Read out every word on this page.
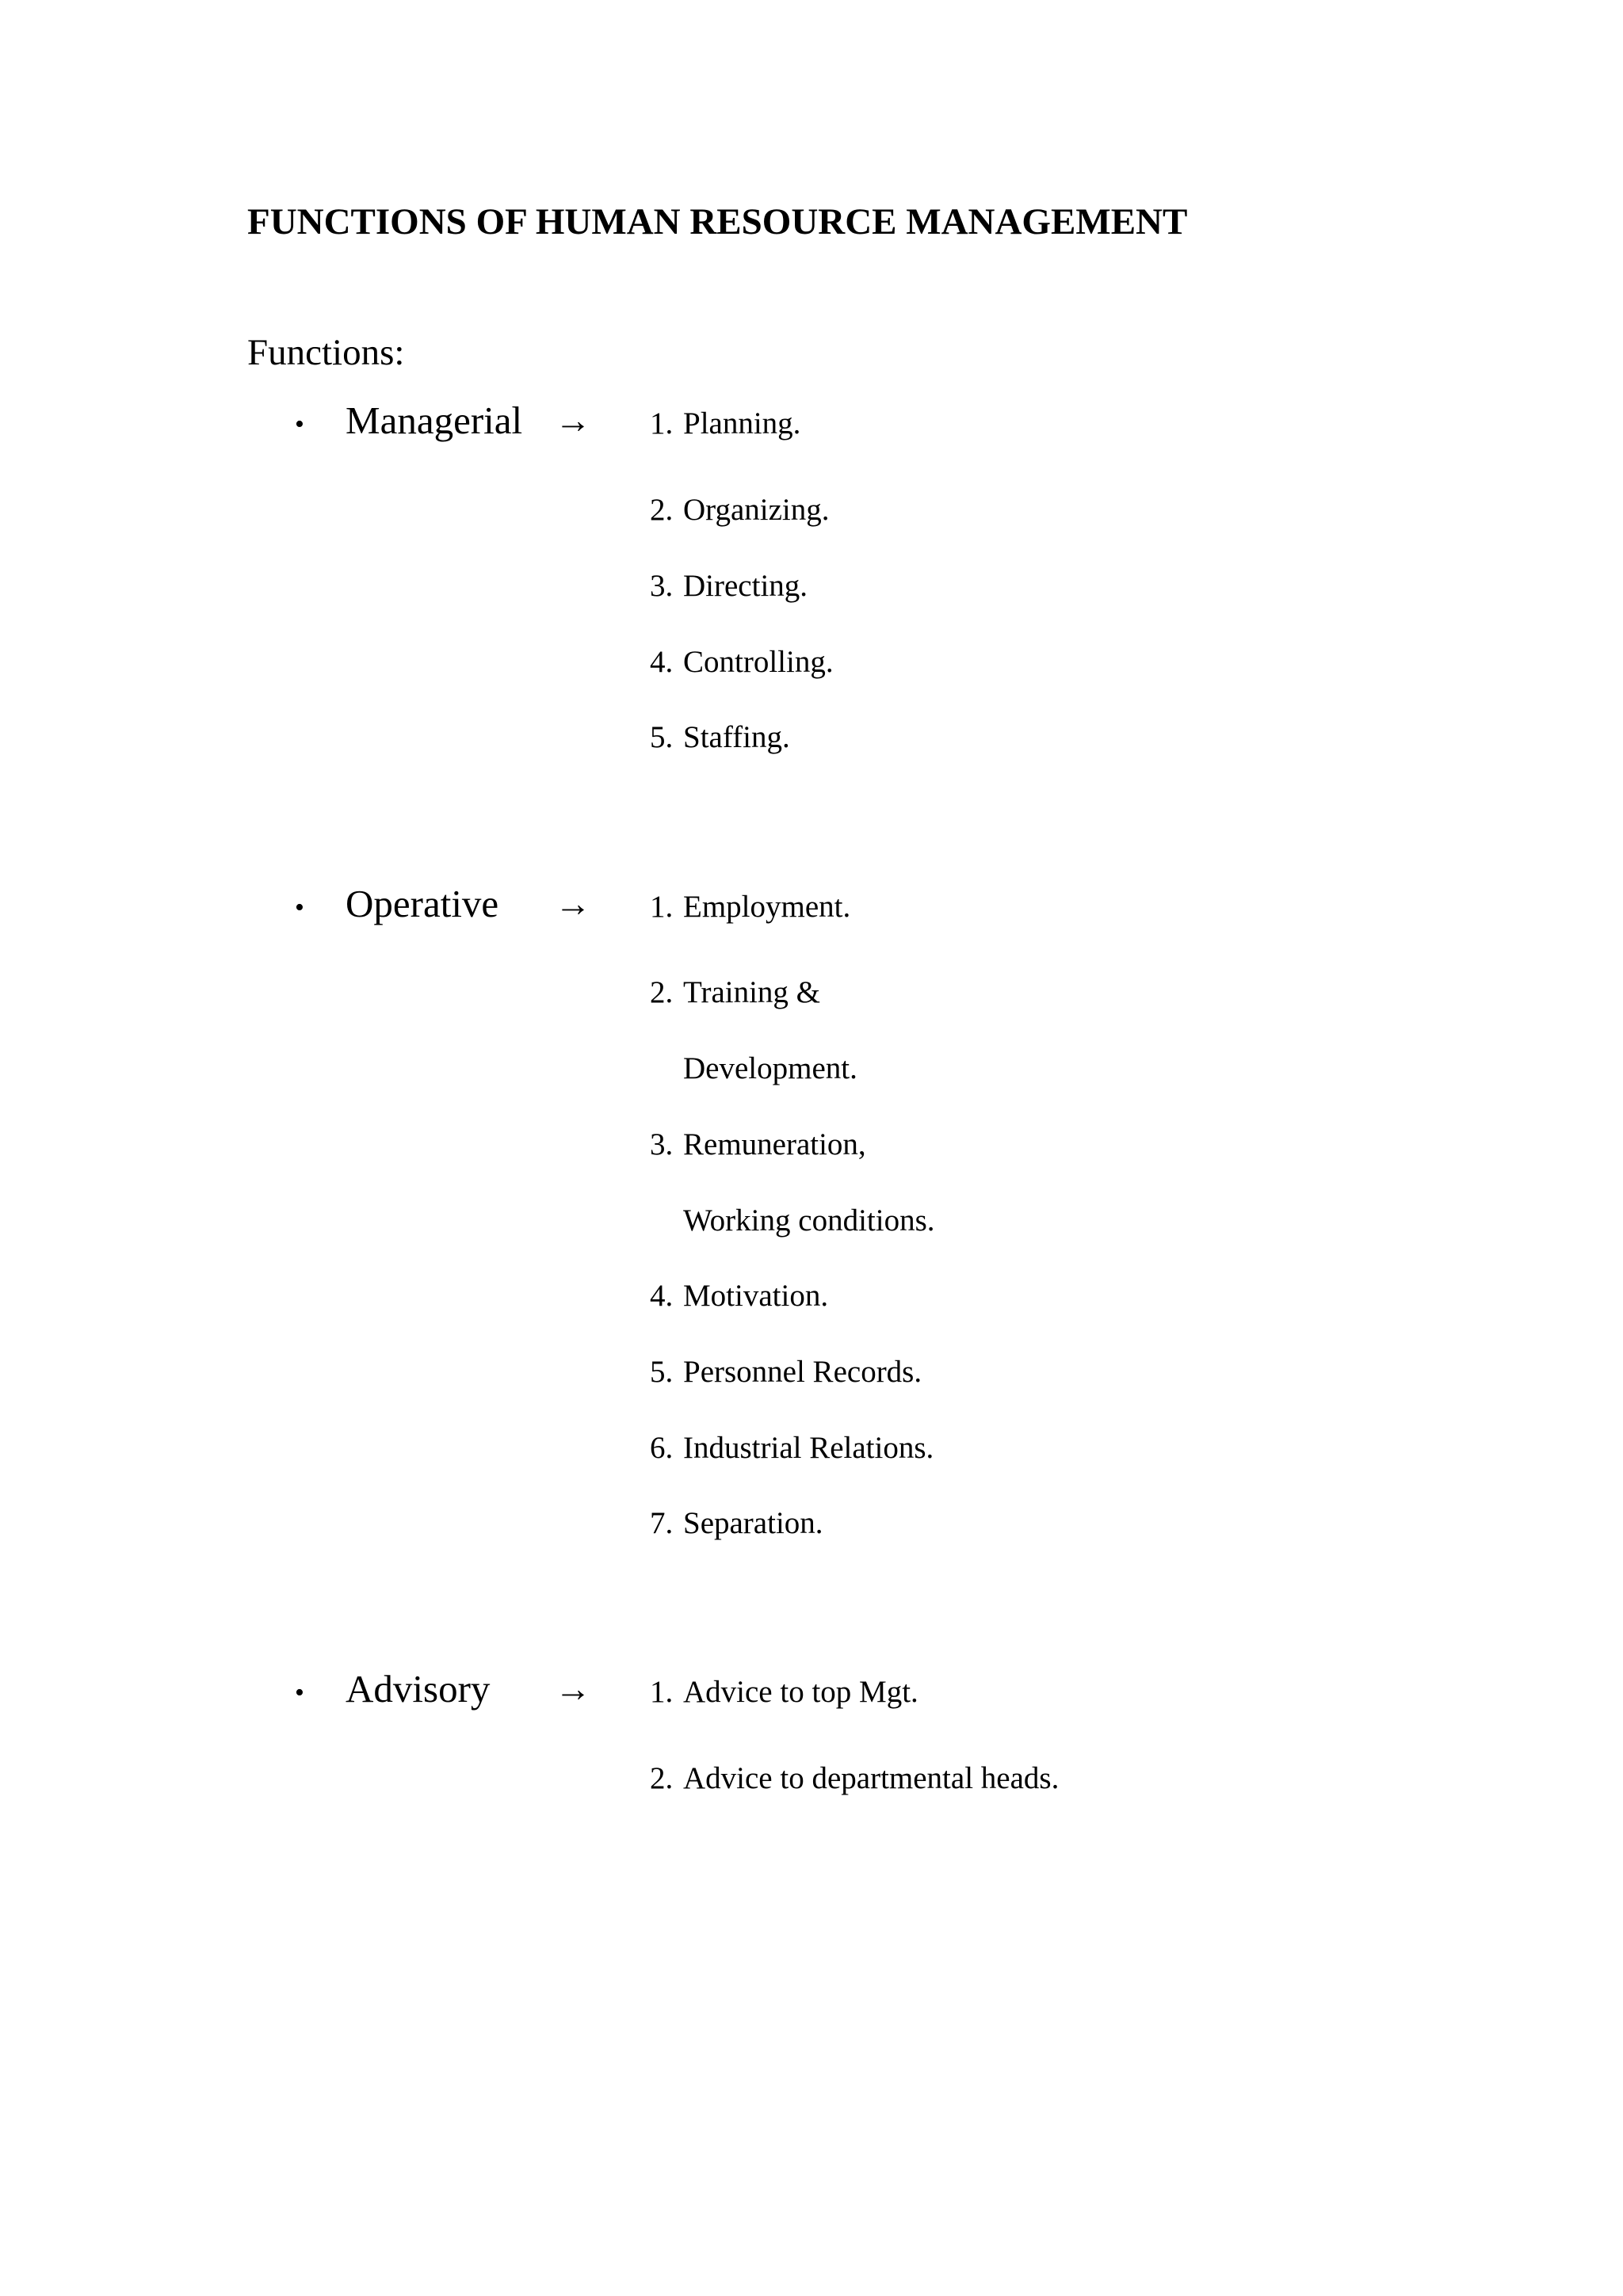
FUNCTIONS OF HUMAN RESOURCE MANAGEMENT
Functions:
• Managerial → 1. Planning.
2. Organizing.
3. Directing.
4. Controlling.
5. Staffing.
• Operative → 1. Employment.
2. Training &
Development.
3. Remuneration,
Working conditions.
4. Motivation.
5. Personnel Records.
6. Industrial Relations.
7. Separation.
• Advisory → 1. Advice to top Mgt.
2. Advice to departmental heads.
